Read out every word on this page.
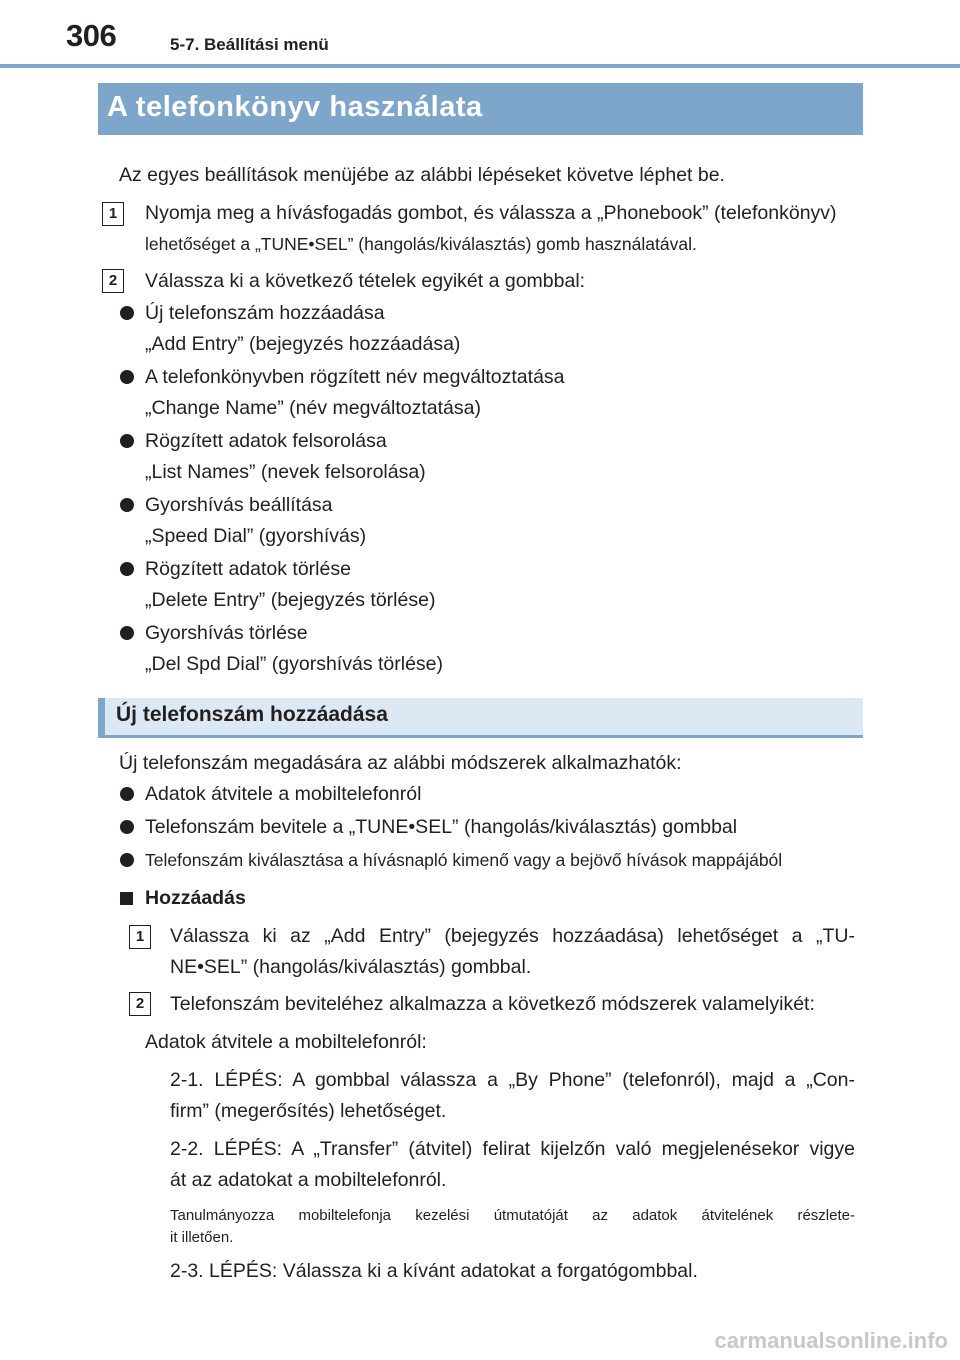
306	5-7. Beállítási menü
A telefonkönyv használata
Az egyes beállítások menüjébe az alábbi lépéseket követve léphet be.
1	Nyomja meg a hívásfogadás gombot, és válassza a „Phonebook” (telefonkönyv)
lehetőséget a „TUNE•SEL” (hangolás/kiválasztás) gomb használatával.
2	Válassza ki a következő tételek egyikét a gombbal:
Új telefonszám hozzáadása
„Add Entry” (bejegyzés hozzáadása)
A telefonkönyvben rögzített név megváltoztatása
„Change Name” (név megváltoztatása)
Rögzített adatok felsorolása
„List Names” (nevek felsorolása)
Gyorshívás beállítása
„Speed Dial” (gyorshívás)
Rögzített adatok törlése
„Delete Entry” (bejegyzés törlése)
Gyorshívás törlése
„Del Spd Dial” (gyorshívás törlése)
Új telefonszám hozzáadása
Új telefonszám megadására az alábbi módszerek alkalmazhatók:
Adatok átvitele a mobiltelefonról
Telefonszám bevitele a „TUNE•SEL” (hangolás/kiválasztás) gombbal
Telefonszám kiválasztása a hívásnapló kimenő vagy a bejövő hívások mappájából
Hozzáadás
1	Válassza ki az „Add Entry” (bejegyzés hozzáadása) lehetőséget a „TU-
NE•SEL” (hangolás/kiválasztás) gombbal.
2	Telefonszám beviteléhez alkalmazza a következő módszerek valamelyikét:
Adatok átvitele a mobiltelefonról:
2-1. LÉPÉS: A gombbal válassza a „By Phone” (telefonról), majd a „Con-
firm” (megerősítés) lehetőséget.
2-2. LÉPÉS: A „Transfer” (átvitel) felirat kijelzőn való megjelenésekor vigye
át az adatokat a mobiltelefonról.
Tanulmányozza mobiltelefonja kezelési útmutatóját az adatok átvitelének részlete-
it illetően.
2-3. LÉPÉS: Válassza ki a kívánt adatokat a forgatógombbal.
carmanualsonline.info
